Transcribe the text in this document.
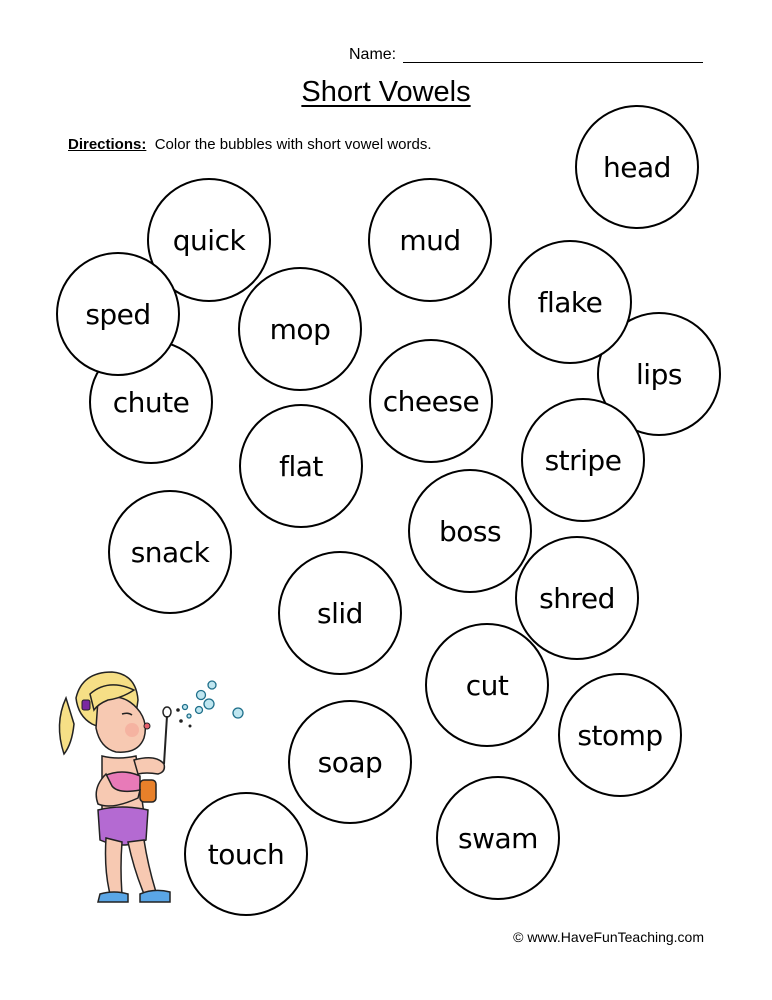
Name:
Short Vowels
Directions: Color the bubbles with short vowel words.
head
quick	mud
lips
flake
chute
sped	mop
cheese
stripe
flat
boss
snack
shred
slid
cut
stomp
soap
swam
touch
© www.HaveFunTeaching.com
